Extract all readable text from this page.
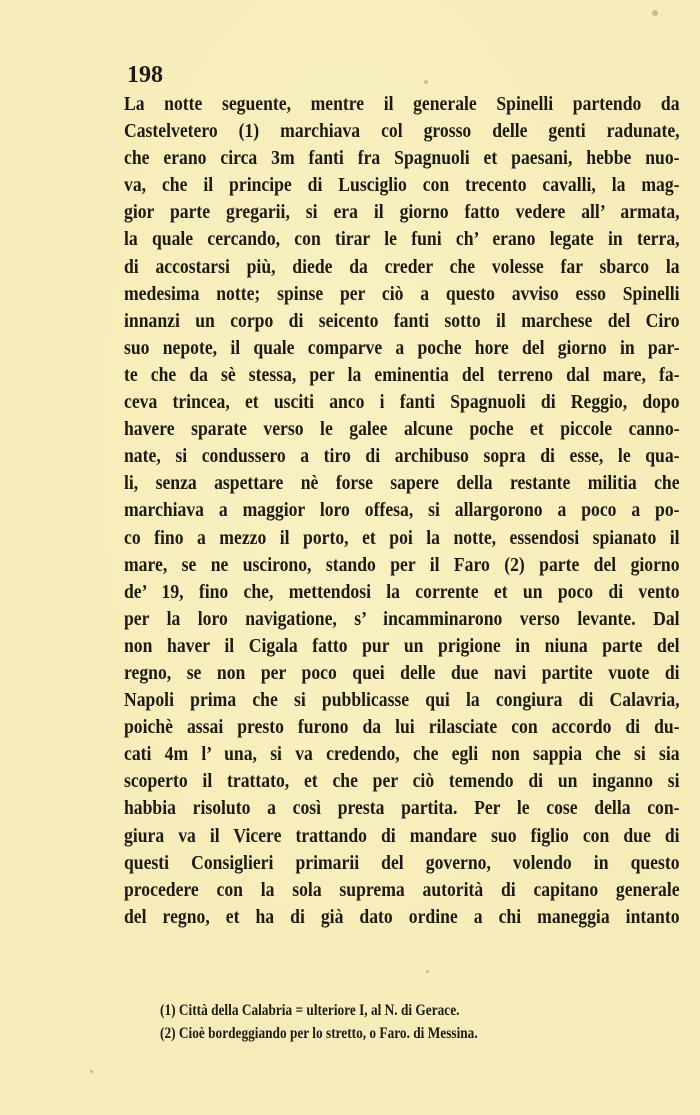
198
La notte seguente, mentre il generale Spinelli partendo da
Castelvetero (1) marchiava col grosso delle genti radunate,
che erano circa 3m fanti fra Spagnuoli et paesani, hebbe nuo-
va, che il principe di Lusciglio con trecento cavalli, la mag-
gior parte gregarii, si era il giorno fatto vedere all’ armata,
la quale cercando, con tirar le funi ch’ erano legate in terra,
di accostarsi più, diede da creder che volesse far sbarco la
medesima notte; spinse per ciò a questo avviso esso Spinelli
innanzi un corpo di seicento fanti sotto il marchese del Ciro
suo nepote, il quale comparve a poche hore del giorno in par-
te che da sè stessa, per la eminentia del terreno dal mare, fa-
ceva trincea, et usciti anco i fanti Spagnuoli di Reggio, dopo
havere sparate verso le galee alcune poche et piccole canno-
nate, si condussero a tiro di archibuso sopra di esse, le qua-
li, senza aspettare nè forse sapere della restante militia che
marchiava a maggior loro offesa, si allargorono a poco a po-
co fino a mezzo il porto, et poi la notte, essendosi spianato il
mare, se ne uscirono, stando per il Faro (2) parte del giorno
de’ 19, fino che, mettendosi la corrente et un poco di vento
per la loro navigatione, s’ incamminarono verso levante. Dal
non haver il Cigala fatto pur un prigione in niuna parte del
regno, se non per poco quei delle due navi partite vuote di
Napoli prima che si pubblicasse qui la congiura di Calavria,
poichè assai presto furono da lui rilasciate con accordo di du-
cati 4m l’ una, si va credendo, che egli non sappia che si sia
scoperto il trattato, et che per ciò temendo di un inganno si
habbia risoluto a così presta partita. Per le cose della con-
giura va il Vicere trattando di mandare suo figlio con due di
questi Consiglieri primarii del governo, volendo in questo
procedere con la sola suprema autorità di capitano generale
del regno, et ha di già dato ordine a chi maneggia intanto
(1) Città della Calabria = ulteriore I, al N. di Gerace.
(2) Cioè bordeggiando per lo stretto, o Faro. di Messina.
